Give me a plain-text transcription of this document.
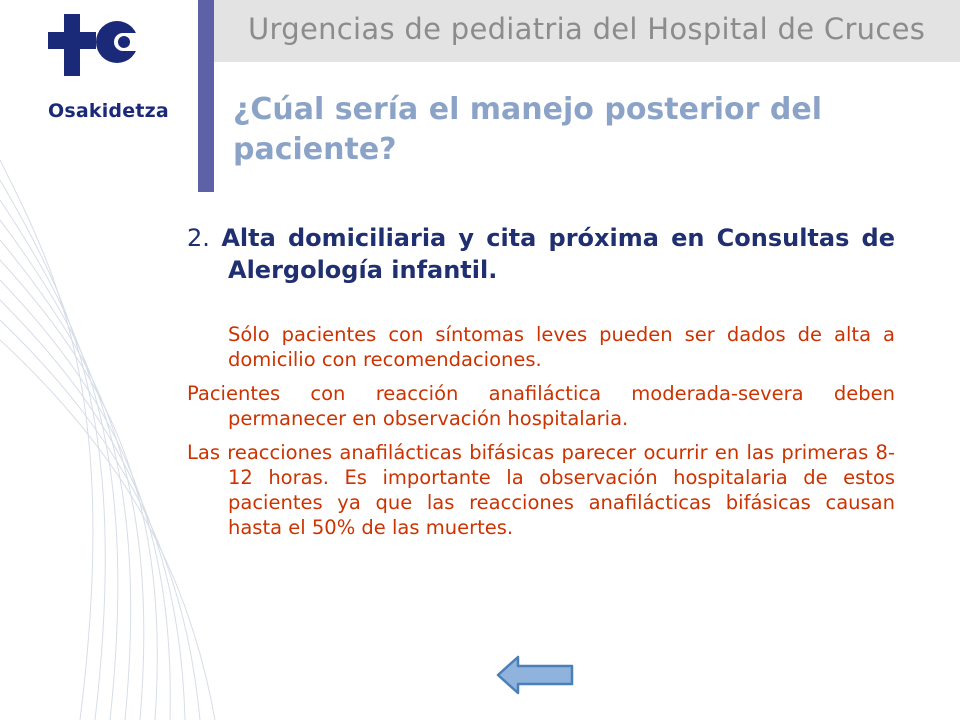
Osakidetza
Urgencias de pediatria del Hospital de Cruces
¿Cúal sería el manejo posterior del paciente?

2. Alta domiciliaria y cita próxima en Consultas de Alergología infantil.

Sólo pacientes con síntomas leves pueden ser dados de alta a domicilio con recomendaciones.

Pacientes con reacción anafiláctica moderada-severa deben permanecer en observación hospitalaria.

Las reacciones anafilácticas bifásicas parecer ocurrir en las primeras 8-12 horas. Es importante la observación hospitalaria de estos pacientes ya que las reacciones anafilácticas bifásicas causan hasta el 50% de las muertes.
